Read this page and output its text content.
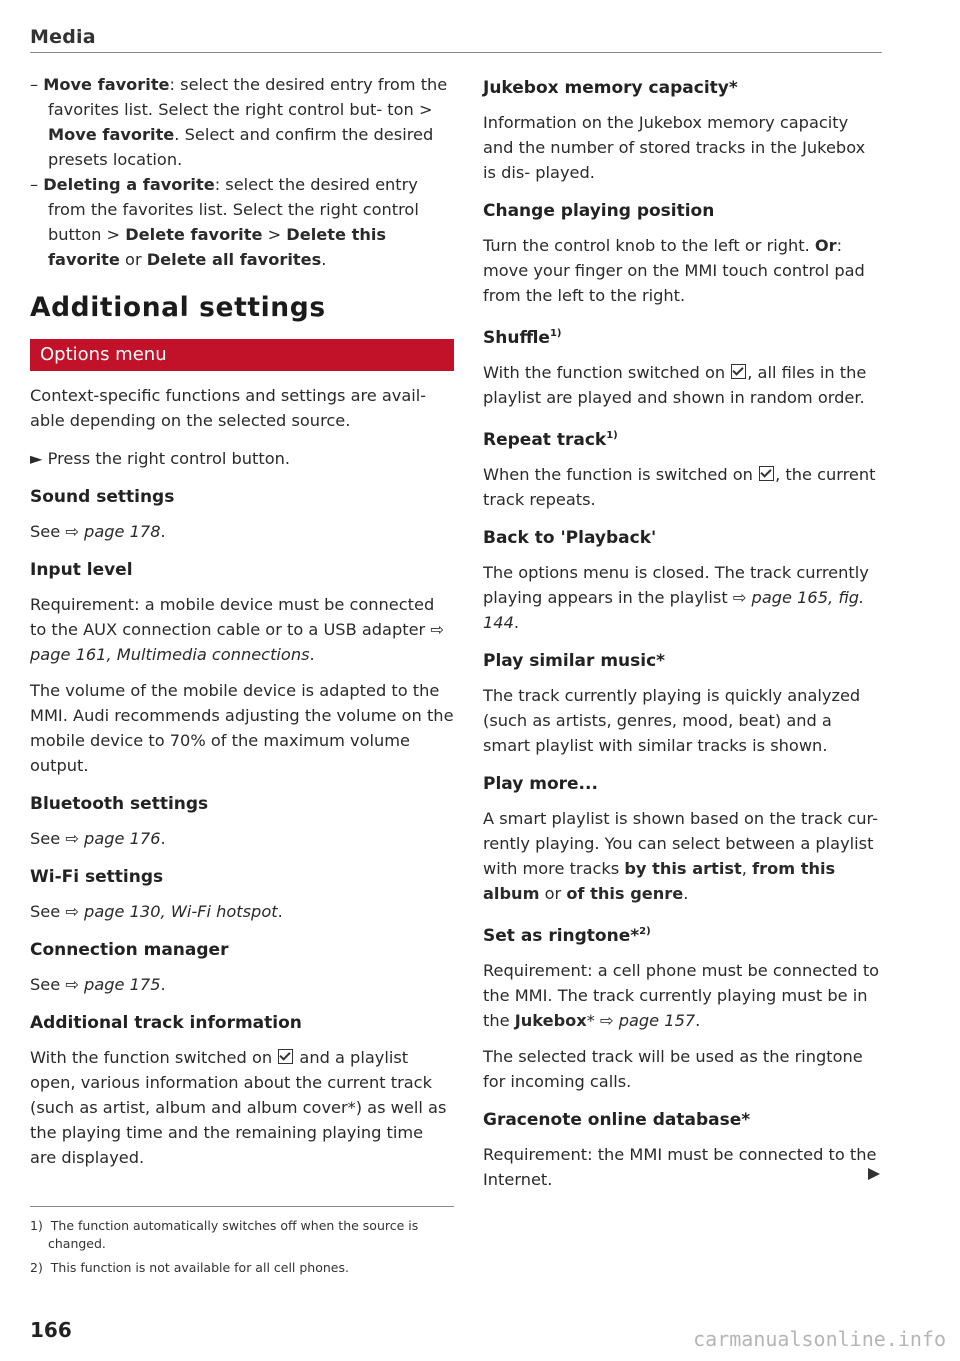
Media

– Move favorite: select the desired entry from the favorites list. Select the right control but- ton > Move favorite. Select and confirm the desired presets location.

– Deleting a favorite: select the desired entry from the favorites list. Select the right control button > Delete favorite > Delete this favorite or Delete all favorites.

Additional settings
Options menu

Context-specific functions and settings are avail- able depending on the selected source.

► Press the right control button.

Sound settings

See ⇨ page 178.

Input level

Requirement: a mobile device must be connected to the AUX connection cable or to a USB adapter ⇨ page 161, Multimedia connections.

The volume of the mobile device is adapted to the MMI. Audi recommends adjusting the volume on the mobile device to 70% of the maximum volume output.

Bluetooth settings

See ⇨ page 176.

Wi-Fi settings

See ⇨ page 130, Wi-Fi hotspot.

Connection manager

See ⇨ page 175.

Additional track information

With the function switched on  and a playlist open, various information about the current track (such as artist, album and album cover*) as well as the playing time and the remaining playing time are displayed.

1) The function automatically switches off when the source is changed.

2) This function is not available for all cell phones.

166
Jukebox memory capacity*

Information on the Jukebox memory capacity and the number of stored tracks in the Jukebox is dis- played.

Change playing position

Turn the control knob to the left or right. Or: move your finger on the MMI touch control pad from the left to the right.

Shuffle$^{1)}$

With the function switched on , all files in the playlist are played and shown in random order.

Repeat track$^{1)}$

When the function is switched on , the current track repeats.

Back to 'Playback'

The options menu is closed. The track currently playing appears in the playlist ⇨ page 165, fig. 144.

Play similar music*

The track currently playing is quickly analyzed (such as artists, genres, mood, beat) and a smart playlist with similar tracks is shown.

Play more...

A smart playlist is shown based on the track cur- rently playing. You can select between a playlist with more tracks by this artist, from this album or of this genre.

Set as ringtone*$^{2)}$

Requirement: a cell phone must be connected to the MMI. The track currently playing must be in the Jukebox* ⇨ page 157.

The selected track will be used as the ringtone for incoming calls.

Gracenote online database*

Requirement: the MMI must be connected to the Internet.

carmanualsonline.info
